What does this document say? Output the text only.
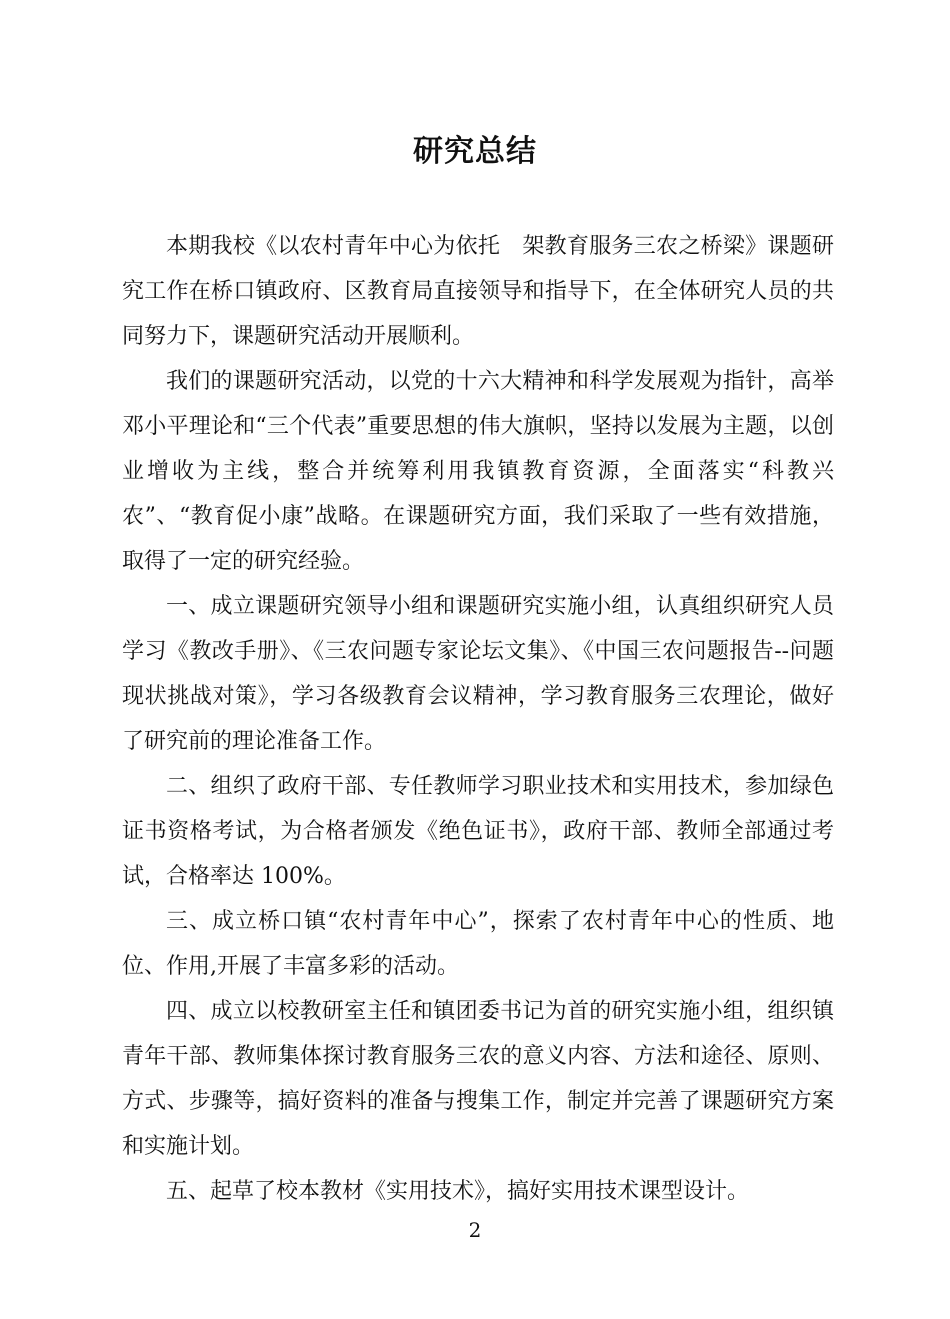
研究总结

本期我校《以农村青年中心为依托　架教育服务三农之桥梁》课题研究工作在桥口镇政府、区教育局直接领导和指导下，在全体研究人员的共同努力下，课题研究活动开展顺利。

我们的课题研究活动，以党的十六大精神和科学发展观为指针，高举邓小平理论和“三个代表”重要思想的伟大旗帜，坚持以发展为主题，以创业增收为主线，整合并统筹利用我镇教育资源，全面落实“科教兴农”、“教育促小康”战略。在课题研究方面，我们采取了一些有效措施，取得了一定的研究经验。

一、成立课题研究领导小组和课题研究实施小组，认真组织研究人员学习《教改手册》、《三农问题专家论坛文集》、《中国三农问题报告--问题现状挑战对策》，学习各级教育会议精神，学习教育服务三农理论，做好了研究前的理论准备工作。

二、组织了政府干部、专任教师学习职业技术和实用技术，参加绿色证书资格考试，为合格者颁发《绝色证书》，政府干部、教师全部通过考试，合格率达 100%。

三、成立桥口镇“农村青年中心”，探索了农村青年中心的性质、地位、作用,开展了丰富多彩的活动。

四、成立以校教研室主任和镇团委书记为首的研究实施小组，组织镇青年干部、教师集体探讨教育服务三农的意义内容、方法和途径、原则、方式、步骤等，搞好资料的准备与搜集工作，制定并完善了课题研究方案和实施计划。

五、起草了校本教材《实用技术》，搞好实用技术课型设计。

2
